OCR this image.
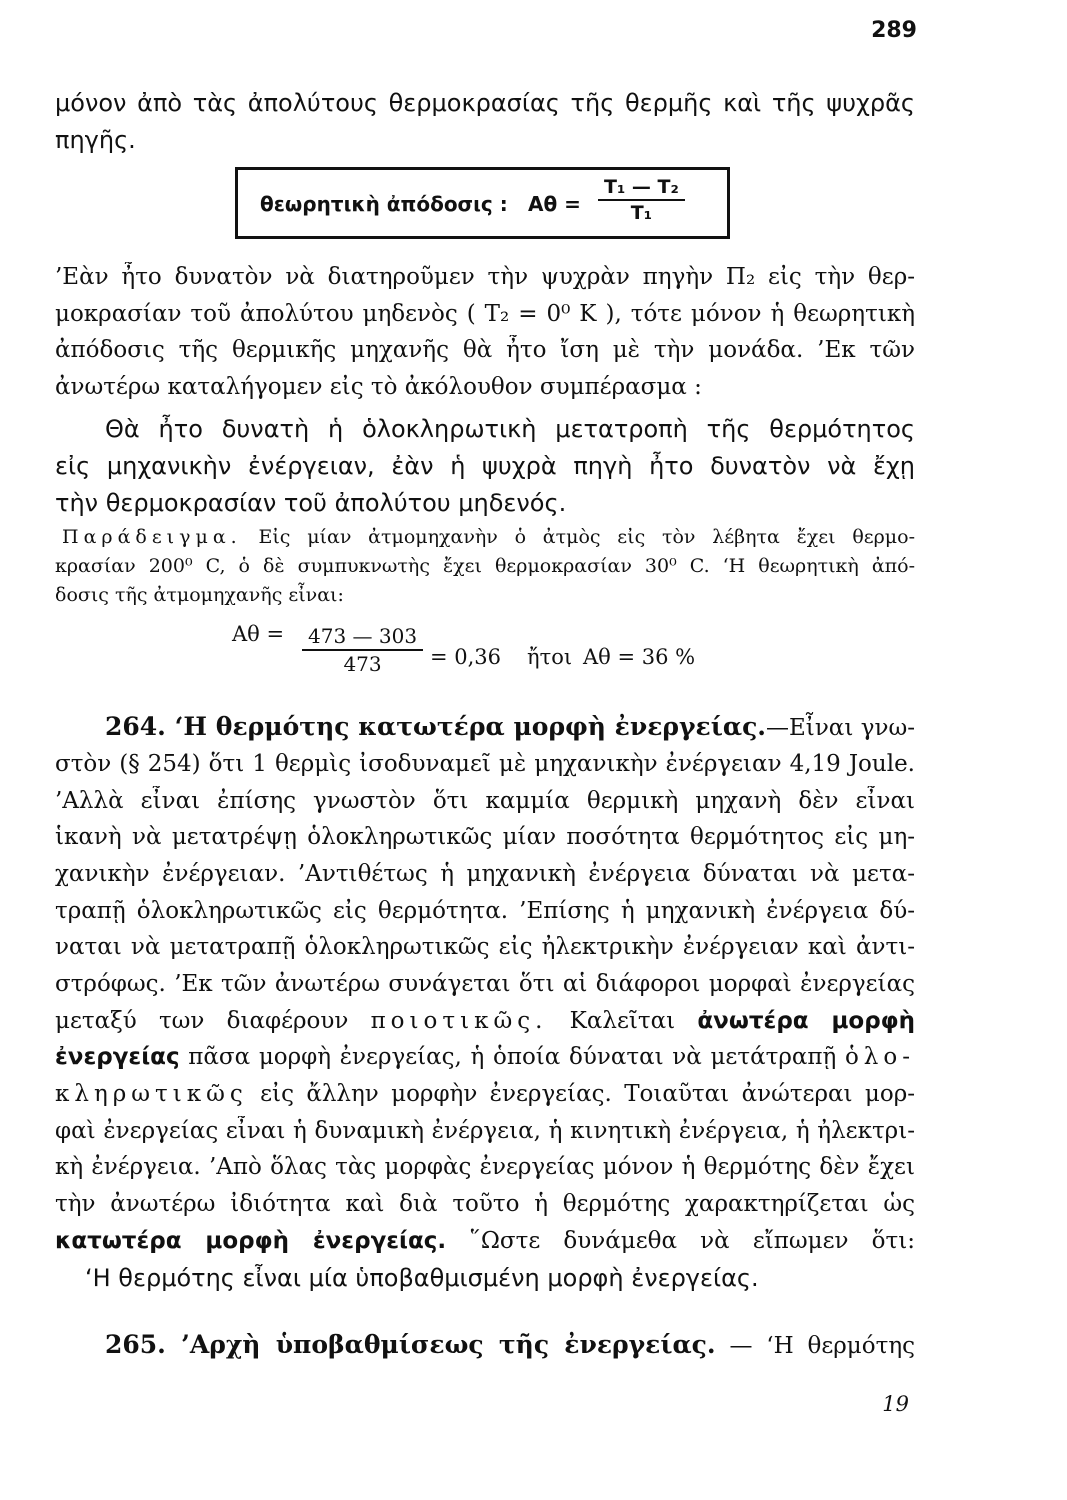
289
μόνον ἀπὸ τὰς ἀπολύτους θερμοκρασίας τῆς θερμῆς καὶ τῆς ψυχρᾶς
πηγῆς.
θεωρητικὴ ἀπόδοσις : $A\theta = \frac{\text{T₁ — T₂}}{\text{T₁}}$
’Εὰν ἦτο δυνατὸν νὰ διατηροῦμεν τὴν ψυχρὰν πηγὴν Π₂ εἰς τὴν θερ-
μοκρασίαν τοῦ ἀπολύτου μηδενὸς ( T₂ = 0⁰ K ), τότε μόνον ἡ θεωρητικὴ
ἀπόδοσις τῆς θερμικῆς μηχανῆς θὰ ἦτο ἴση μὲ τὴν μονάδα. ’Εκ τῶν
ἀνωτέρω καταλήγομεν εἰς τὸ ἀκόλουθον συμπέρασμα :
Θὰ ἦτο δυνατὴ ἡ ὁλοκληρωτικὴ μετατροπὴ τῆς θερμότητος
εἰς μηχανικὴν ἐνέργειαν, ἐὰν ἡ ψυχρὰ πηγὴ ἦτο δυνατὸν νὰ ἔχῃ
τὴν θερμοκρασίαν τοῦ ἀπολύτου μηδενός.
Παράδειγμα. Εἰς μίαν ἀτμομηχανὴν ὁ ἀτμὸς εἰς τὸν λέβητα ἔχει θερμο-
κρασίαν 200⁰ C, ὁ δὲ συμπυκνωτὴς ἔχει θερμοκρασίαν 30⁰ C. ‘Η θεωρητικὴ ἀπό-
δοσις τῆς ἀτμομηχανῆς εἶναι:
$A\theta = \frac{473 — 303}{473} = 0,36$ ἤτοι Αθ = 36 %
264. ‘Η θερμότης κατωτέρα μορφὴ ἐνεργείας.—Εἶναι γνω-
στὸν (§ 254) ὅτι 1 θερμὶς ἰσοδυναμεῖ μὲ μηχανικὴν ἐνέργειαν 4,19 Joule.
’Αλλὰ εἶναι ἐπίσης γνωστὸν ὅτι καμμία θερμικὴ μηχανὴ δὲν εἶναι
ἱκανὴ νὰ μετατρέψῃ ὁλοκληρωτικῶς μίαν ποσότητα θερμότητος εἰς μη-
χανικὴν ἐνέργειαν. ’Αντιθέτως ἡ μηχανικὴ ἐνέργεια δύναται νὰ μετα-
τραπῇ ὁλοκληρωτικῶς εἰς θερμότητα. ’Επίσης ἡ μηχανικὴ ἐνέργεια δύ-
ναται νὰ μετατραπῇ ὁλοκληρωτικῶς εἰς ἠλεκτρικὴν ἐνέργειαν καὶ ἀντι-
στρόφως. ’Εκ τῶν ἀνωτέρω συνάγεται ὅτι αἱ διάφοροι μορφαὶ ἐνεργείας
μεταξύ των διαφέρουν ποιοτικῶς. Καλεῖται ἀνωτέρα μορφὴ
ἐνεργείας πᾶσα μορφὴ ἐνεργείας, ἡ ὁποία δύναται νὰ μετάτραπῇ ὁλο-
κληρωτικῶς εἰς ἄλλην μορφὴν ἐνεργείας. Τοιαῦται ἀνώτεραι μορ-
φαὶ ἐνεργείας εἶναι ἡ δυναμικὴ ἐνέργεια, ἡ κινητικὴ ἐνέργεια, ἡ ἠλεκτρι-
κὴ ἐνέργεια. ’Απὸ ὅλας τὰς μορφὰς ἐνεργείας μόνον ἡ θερμότης δὲν ἔχει
τὴν ἀνωτέρω ἰδιότητα καὶ διὰ τοῦτο ἡ θερμότης χαρακτηρίζεται ὡς
κατωτέρα μορφὴ ἐνεργείας. ῞Ωστε δυνάμεθα νὰ εἴπωμεν ὅτι:
‘Η θερμότης εἶναι μία ὑποβαθμισμένη μορφὴ ἐνεργείας.
265. ’Αρχὴ ὑποβαθμίσεως τῆς ἐνεργείας. — ‘Η θερμότης
19
